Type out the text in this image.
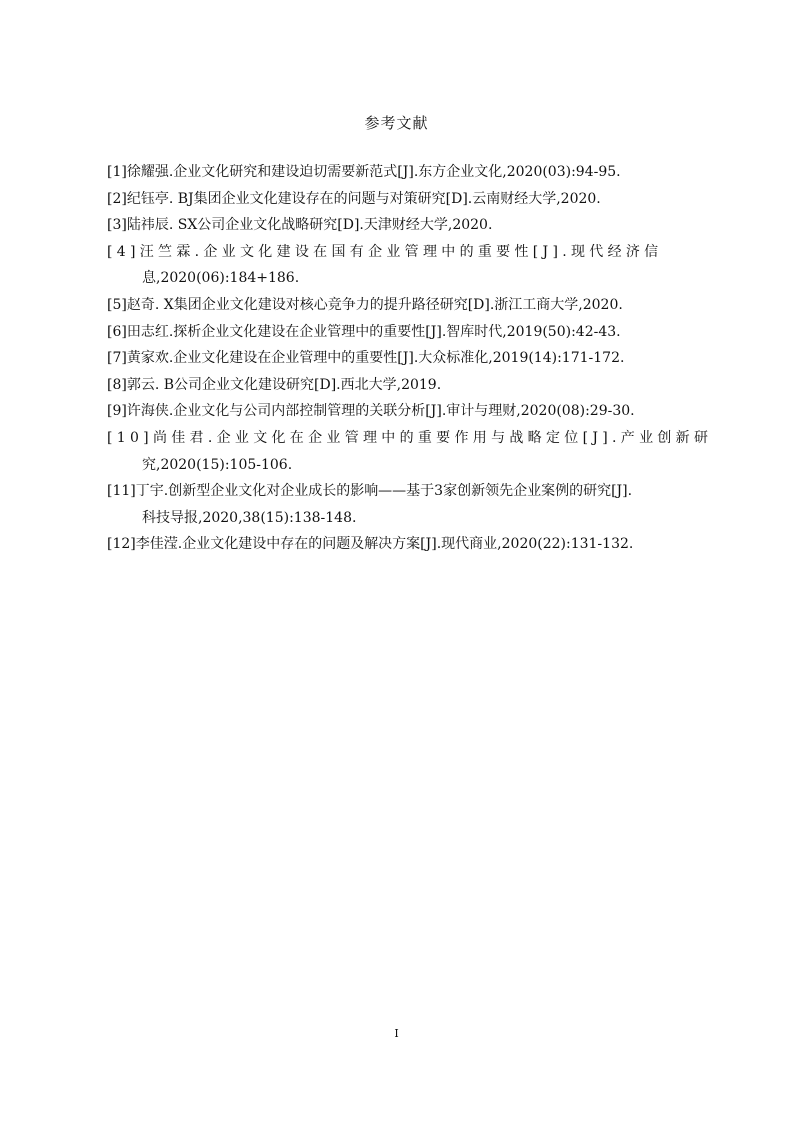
参考文献
[1]徐耀强.企业文化研究和建设迫切需要新范式[J].东方企业文化,2020(03):94-95.
[2]纪钰亭. BJ集团企业文化建设存在的问题与对策研究[D].云南财经大学,2020.
[3]陆祎辰. SX公司企业文化战略研究[D].天津财经大学,2020.
[4]汪竺霖.企业文化建设在国有企业管理中的重要性[J].现代经济信
息,2020(06):184+186.
[5]赵奇. X集团企业文化建设对核心竞争力的提升路径研究[D].浙江工商大学,2020.
[6]田志红.探析企业文化建设在企业管理中的重要性[J].智库时代,2019(50):42-43.
[7]黄家欢.企业文化建设在企业管理中的重要性[J].大众标准化,2019(14):171-172.
[8]郭云. B公司企业文化建设研究[D].西北大学,2019.
[9]许海侠.企业文化与公司内部控制管理的关联分析[J].审计与理财,2020(08):29-30.
[10]尚佳君.企业文化在企业管理中的重要作用与战略定位[J].产业创新研
究,2020(15):105-106.
[11]丁宇.创新型企业文化对企业成长的影响——基于3家创新领先企业案例的研究[J].
科技导报,2020,38(15):138-148.
[12]李佳滢.企业文化建设中存在的问题及解决方案[J].现代商业,2020(22):131-132.
I
